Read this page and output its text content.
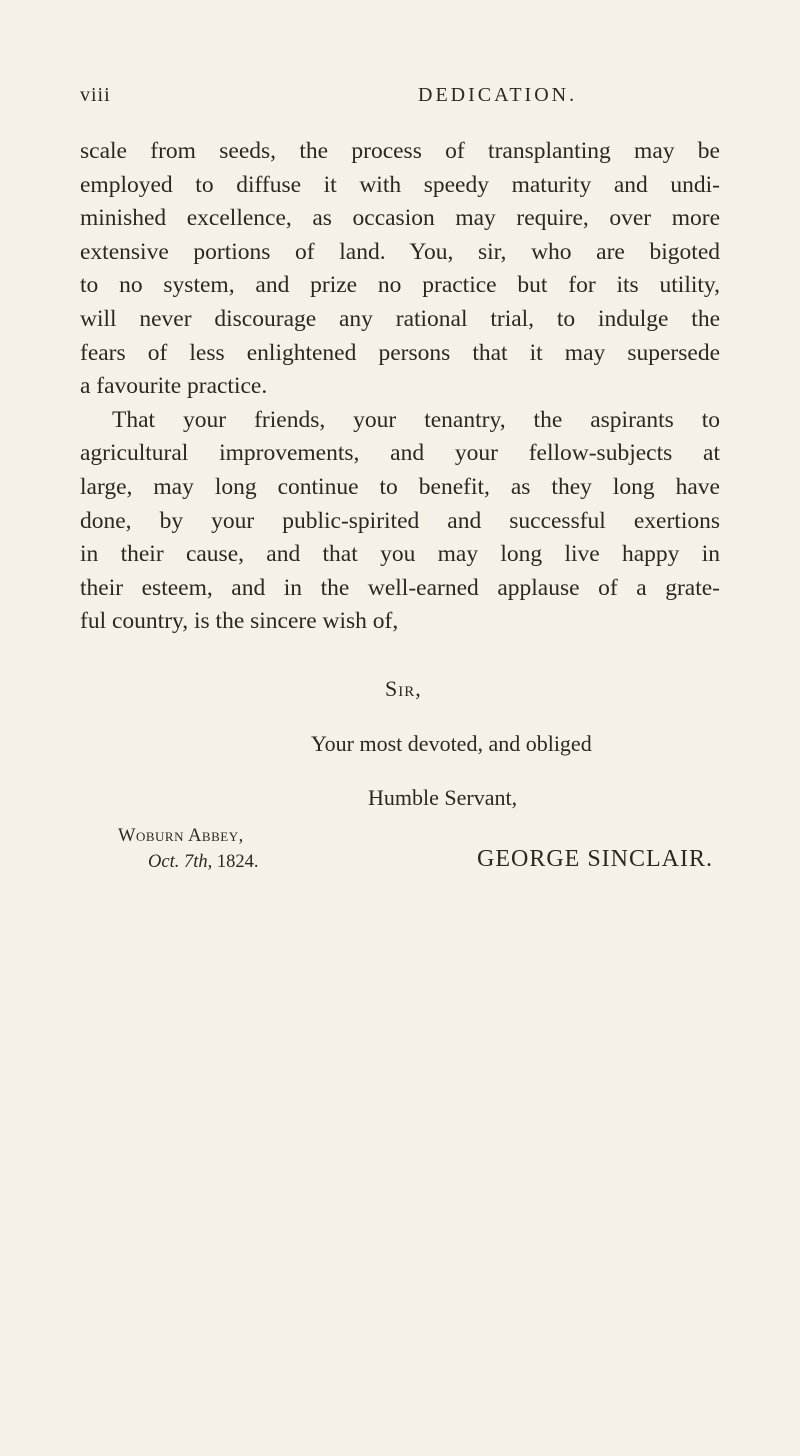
viii	DEDICATION.
scale from seeds, the process of transplanting may be
employed to diffuse it with speedy maturity and undi-
minished excellence, as occasion may require, over more
extensive portions of land. You, sir, who are bigoted
to no system, and prize no practice but for its utility,
will never discourage any rational trial, to indulge the
fears of less enlightened persons that it may supersede
a favourite practice.
That your friends, your tenantry, the aspirants to
agricultural improvements, and your fellow-subjects at
large, may long continue to benefit, as they long have
done, by your public-spirited and successful exertions
in their cause, and that you may long live happy in
their esteem, and in the well-earned applause of a grate-
ful country, is the sincere wish of,
Sir,
Your most devoted, and obliged
Humble Servant,
Woburn Abbey,
Oct. 7th, 1824.	GEORGE SINCLAIR.
